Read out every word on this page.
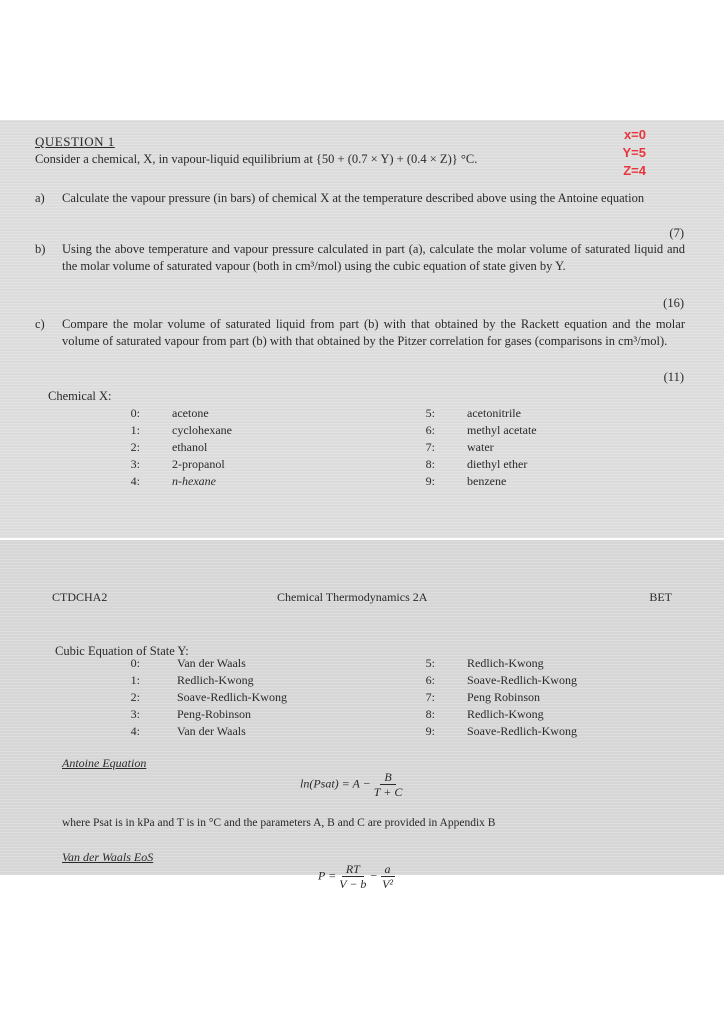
QUESTION 1
Consider a chemical, X, in vapour-liquid equilibrium at {50 + (0.7 × Y) + (0.4 × Z)} °C.
x=0
Y=5
Z=4
a) Calculate the vapour pressure (in bars) of chemical X at the temperature described above using the Antoine equation
(7)
b) Using the above temperature and vapour pressure calculated in part (a), calculate the molar volume of saturated liquid and the molar volume of saturated vapour (both in cm³/mol) using the cubic equation of state given by Y.
(16)
c) Compare the molar volume of saturated liquid from part (b) with that obtained by the Rackett equation and the molar volume of saturated vapour from part (b) with that obtained by the Pitzer correlation for gases (comparisons in cm³/mol).
(11)
Chemical X:
0:	acetone
1:	cyclohexane
2:	ethanol
3:	2-propanol
4:	n-hexane
5:	acetonitrile
6:	methyl acetate
7:	water
8:	diethyl ether
9:	benzene
CTDCHA2	Chemical Thermodynamics 2A	BET
Cubic Equation of State Y:
0:	Van der Waals
1:	Redlich-Kwong
2:	Soave-Redlich-Kwong
3:	Peng-Robinson
4:	Van der Waals
5:	Redlich-Kwong
6:	Soave-Redlich-Kwong
7:	Peng Robinson
8:	Redlich-Kwong
9:	Soave-Redlich-Kwong
Antoine Equation
ln(Psat) = $A - \frac{B}{T + C}$
where Psat is in kPa and T is in °C and the parameters A, B and C are provided in Appendix B
Van der Waals EoS
$P = \frac{RT}{V - b} - \frac{a}{\text{V²}}$
